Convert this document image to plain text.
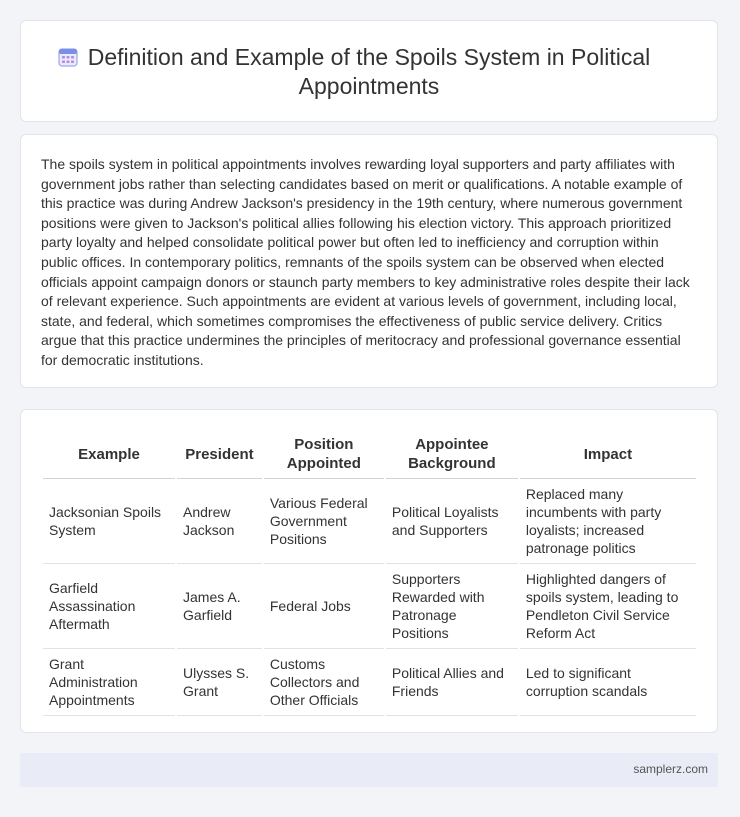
Definition and Example of the Spoils System in Political
Appointments

The spoils system in political appointments involves rewarding loyal supporters and party affiliates with government jobs rather than selecting candidates based on merit or qualifications. A notable example of this practice was during Andrew Jackson's presidency in the 19th century, where numerous government positions were given to Jackson's political allies following his election victory. This approach prioritized party loyalty and helped consolidate political power but often led to inefficiency and corruption within public offices. In contemporary politics, remnants of the spoils system can be observed when elected officials appoint campaign donors or staunch party members to key administrative roles despite their lack of relevant experience. Such appointments are evident at various levels of government, including local, state, and federal, which sometimes compromises the effectiveness of public service delivery. Critics argue that this practice undermines the principles of meritocracy and professional governance essential for democratic institutions.

Example	President	Position Appointed	Appointee Background	Impact
Jacksonian Spoils System	Andrew Jackson	Various Federal Government Positions	Political Loyalists and Supporters	Replaced many incumbents with party loyalists; increased patronage politics
Garfield Assassination Aftermath	James A. Garfield	Federal Jobs	Supporters Rewarded with Patronage Positions	Highlighted dangers of spoils system, leading to Pendleton Civil Service Reform Act
Grant Administration Appointments	Ulysses S. Grant	Customs Collectors and Other Officials	Political Allies and Friends	Led to significant corruption scandals
samplerz.com
